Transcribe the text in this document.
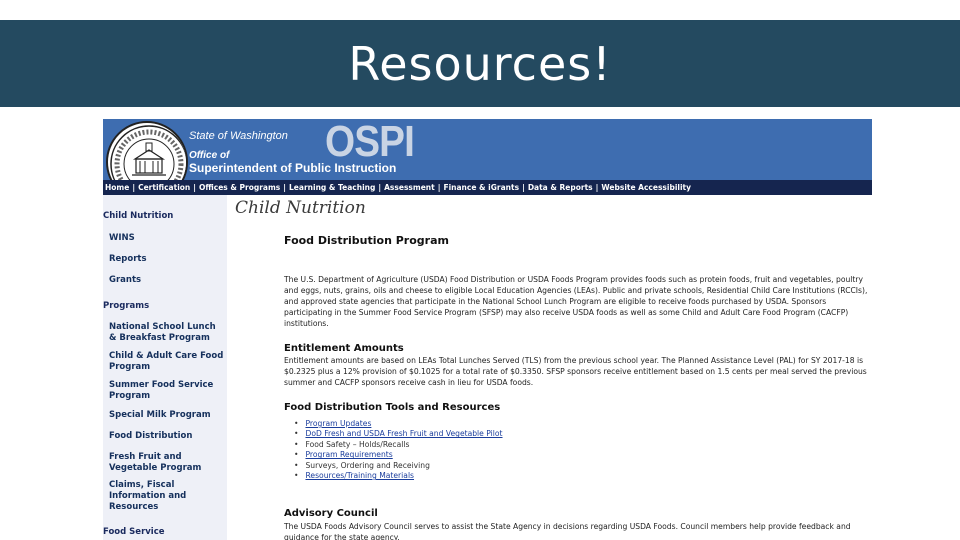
Resources!
State of Washington OSPI
Office of
Superintendent of Public Instruction
Home | Certification | Offices & Programs | Learning & Teaching | Assessment | Finance & iGrants | Data & Reports | Website Accessibility
Child Nutrition
WINS
Reports
Grants
Programs
National School Lunch & Breakfast Program
Child & Adult Care Food Program
Summer Food Service Program
Special Milk Program
Food Distribution
Fresh Fruit and Vegetable Program
Claims, Fiscal Information and Resources
Food Service
Child Nutrition
Food Distribution Program
The U.S. Department of Agriculture (USDA) Food Distribution or USDA Foods Program provides foods such as protein foods, fruit and vegetables, poultry and eggs, nuts, grains, oils and cheese to eligible Local Education Agencies (LEAs). Public and private schools, Residential Child Care Institutions (RCCIs), and approved state agencies that participate in the National School Lunch Program are eligible to receive foods purchased by USDA. Sponsors participating in the Summer Food Service Program (SFSP) may also receive USDA foods as well as some Child and Adult Care Food Program (CACFP) institutions.
Entitlement Amounts
Entitlement amounts are based on LEAs Total Lunches Served (TLS) from the previous school year. The Planned Assistance Level (PAL) for SY 2017-18 is $0.2325 plus a 12% provision of $0.1025 for a total rate of $0.3350. SFSP sponsors receive entitlement based on 1.5 cents per meal served the previous summer and CACFP sponsors receive cash in lieu for USDA foods.
Food Distribution Tools and Resources
• Program Updates
• DoD Fresh and USDA Fresh Fruit and Vegetable Pilot
• Food Safety – Holds/Recalls
• Program Requirements
• Surveys, Ordering and Receiving
• Resources/Training Materials
Advisory Council
The USDA Foods Advisory Council serves to assist the State Agency in decisions regarding USDA Foods. Council members help provide feedback and guidance for the state agency.
